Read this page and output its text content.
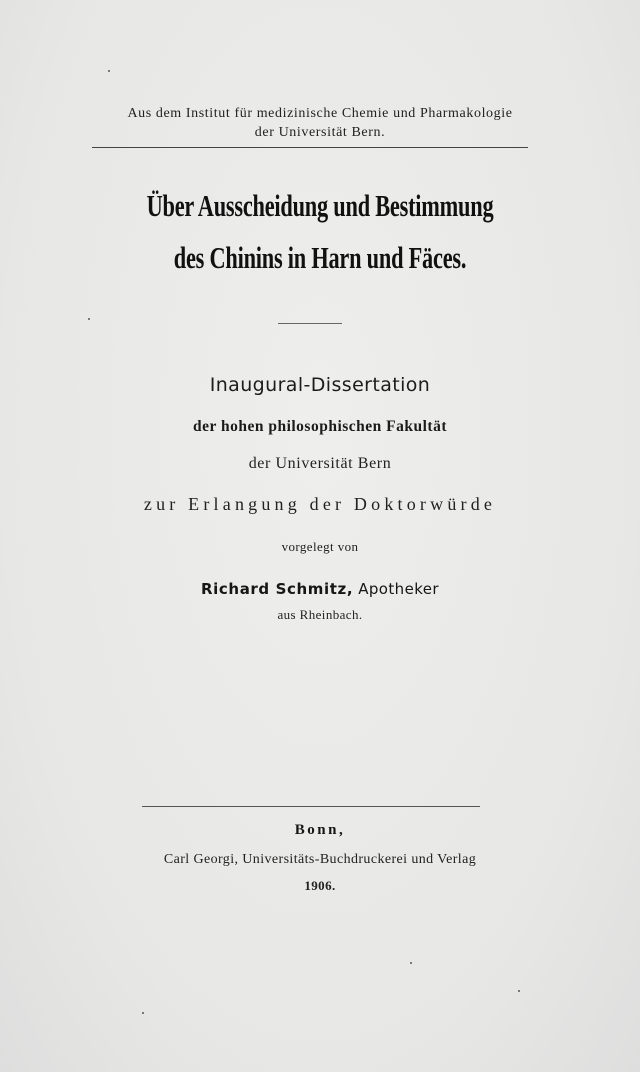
Aus dem Institut für medizinische Chemie und Pharmakologie
der Universität Bern.
Über Ausscheidung und Bestimmung
des Chinins in Harn und Fäces.
Inaugural-Dissertation
der hohen philosophischen Fakultät
der Universität Bern
zur Erlangung der Doktorwürde
vorgelegt von
Richard Schmitz, Apotheker
aus Rheinbach.
Bonn,
Carl Georgi, Universitäts-Buchdruckerei und Verlag
1906.
